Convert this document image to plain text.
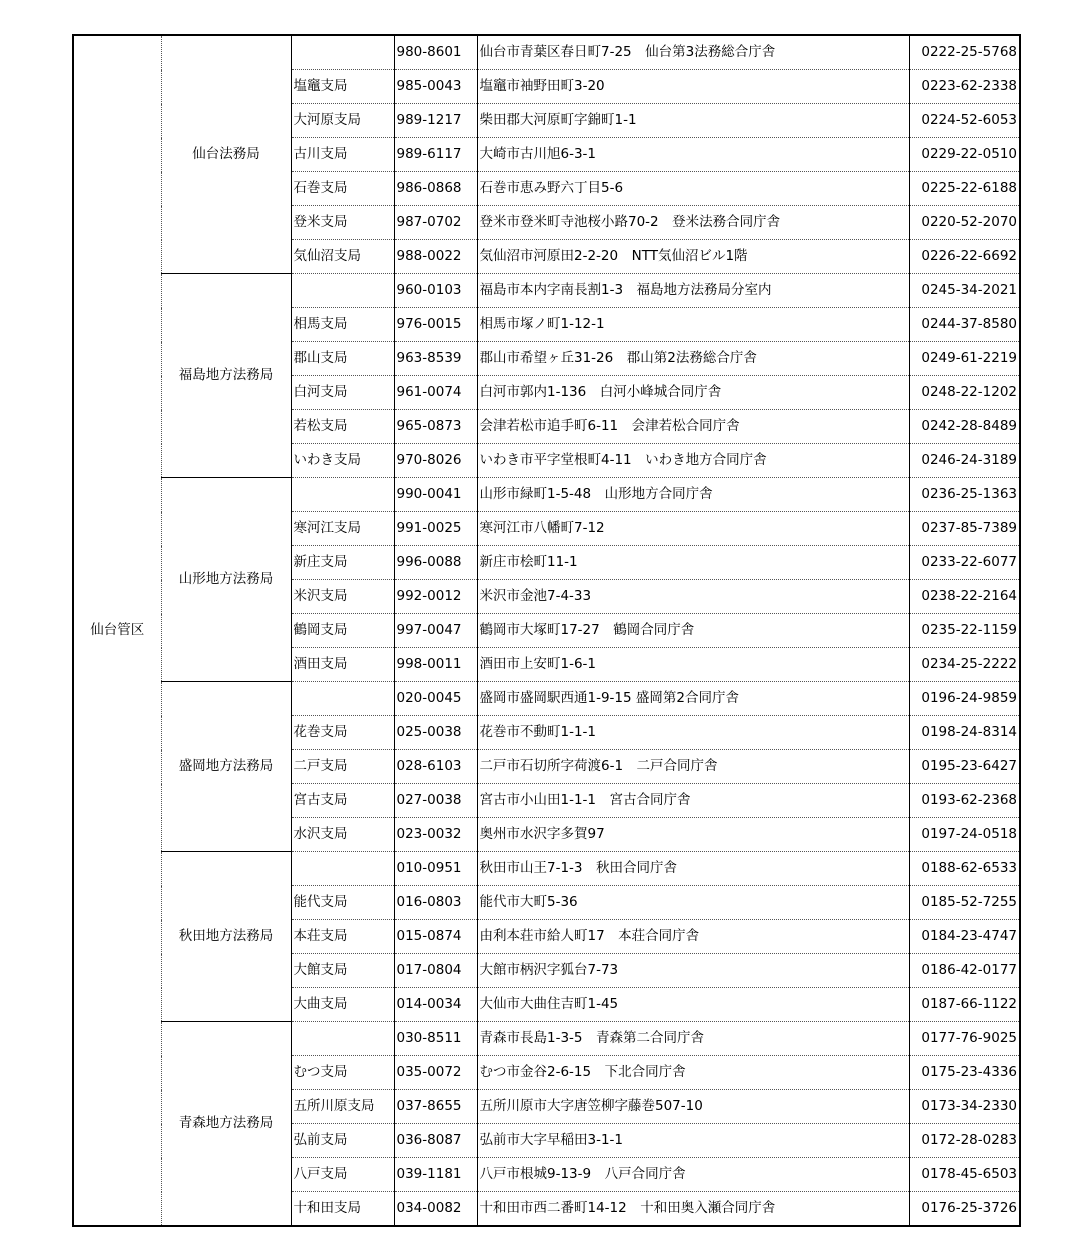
仙台管区	仙台法務局		980-8601	仙台市青葉区春日町7-25　仙台第3法務総合庁舎	0222-25-5768
		塩竈支局	985-0043	塩竈市袖野田町3-20	0223-62-2338
		大河原支局	989-1217	柴田郡大河原町字錦町1-1	0224-52-6053
		古川支局	989-6117	大崎市古川旭6-3-1	0229-22-0510
		石巻支局	986-0868	石巻市恵み野六丁目5-6	0225-22-6188
		登米支局	987-0702	登米市登米町寺池桜小路70-2　登米法務合同庁舎	0220-52-2070
		気仙沼支局	988-0022	気仙沼市河原田2-2-20　NTT気仙沼ビル1階	0226-22-6692
	福島地方法務局		960-0103	福島市本内字南長割1-3　福島地方法務局分室内	0245-34-2021
		相馬支局	976-0015	相馬市塚ノ町1-12-1	0244-37-8580
		郡山支局	963-8539	郡山市希望ヶ丘31-26　郡山第2法務総合庁舎	0249-61-2219
		白河支局	961-0074	白河市郭内1-136　白河小峰城合同庁舎	0248-22-1202
		若松支局	965-0873	会津若松市追手町6-11　会津若松合同庁舎	0242-28-8489
		いわき支局	970-8026	いわき市平字堂根町4-11　いわき地方合同庁舎	0246-24-3189
	山形地方法務局		990-0041	山形市緑町1-5-48　山形地方合同庁舎	0236-25-1363
		寒河江支局	991-0025	寒河江市八幡町7-12	0237-85-7389
		新庄支局	996-0088	新庄市桧町11-1	0233-22-6077
		米沢支局	992-0012	米沢市金池7-4-33	0238-22-2164
		鶴岡支局	997-0047	鶴岡市大塚町17-27　鶴岡合同庁舎	0235-22-1159
		酒田支局	998-0011	酒田市上安町1-6-1	0234-25-2222
	盛岡地方法務局		020-0045	盛岡市盛岡駅西通1-9-15 盛岡第2合同庁舎	0196-24-9859
		花巻支局	025-0038	花巻市不動町1-1-1	0198-24-8314
		二戸支局	028-6103	二戸市石切所字荷渡6-1　二戸合同庁舎	0195-23-6427
		宮古支局	027-0038	宮古市小山田1-1-1　宮古合同庁舎	0193-62-2368
		水沢支局	023-0032	奥州市水沢字多賀97	0197-24-0518
	秋田地方法務局		010-0951	秋田市山王7-1-3　秋田合同庁舎	0188-62-6533
		能代支局	016-0803	能代市大町5-36	0185-52-7255
		本荘支局	015-0874	由利本荘市給人町17　本荘合同庁舎	0184-23-4747
		大館支局	017-0804	大館市柄沢字狐台7-73	0186-42-0177
		大曲支局	014-0034	大仙市大曲住吉町1-45	0187-66-1122
	青森地方法務局		030-8511	青森市長島1-3-5　青森第二合同庁舎	0177-76-9025
		むつ支局	035-0072	むつ市金谷2-6-15　下北合同庁舎	0175-23-4336
		五所川原支局	037-8655	五所川原市大字唐笠柳字藤巻507-10	0173-34-2330
		弘前支局	036-8087	弘前市大字早稲田3-1-1	0172-28-0283
		八戸支局	039-1181	八戸市根城9-13-9　八戸合同庁舎	0178-45-6503
		十和田支局	034-0082	十和田市西二番町14-12　十和田奥入瀬合同庁舎	0176-25-3726
